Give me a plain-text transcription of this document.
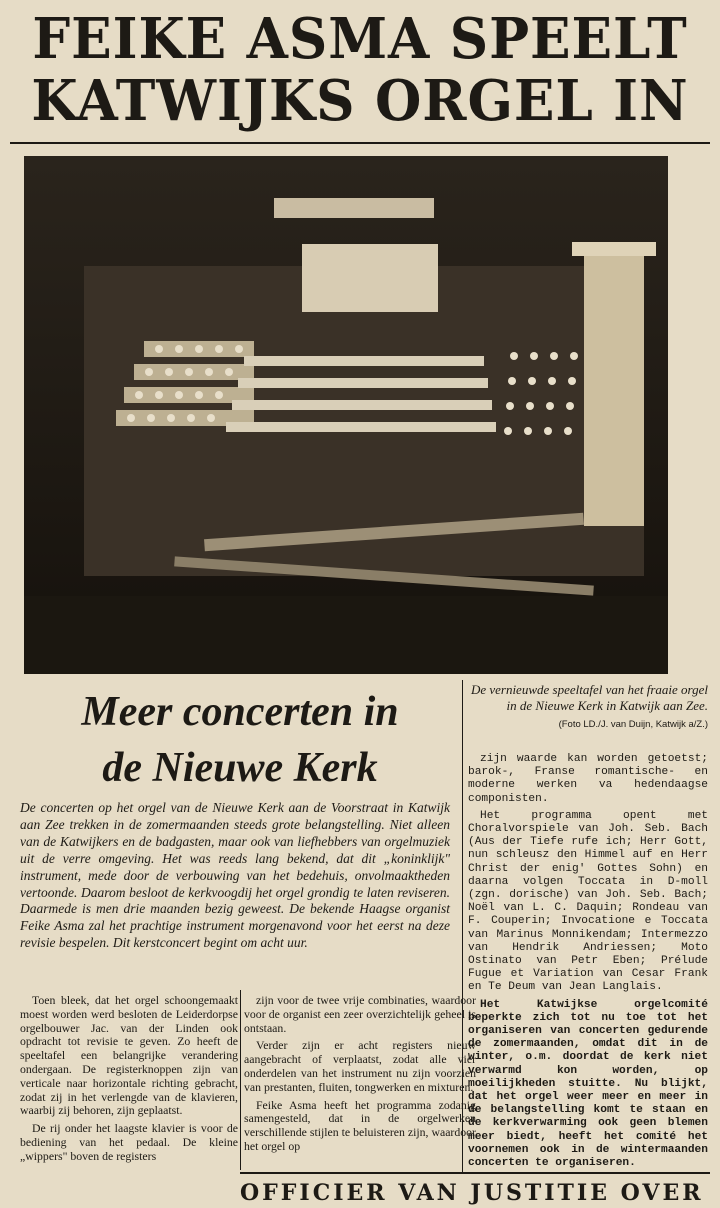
FEIKE ASMA SPEELT
KATWIJKS ORGEL IN
Meer concerten in
de Nieuwe Kerk
De vernieuwde speeltafel van het fraaie orgel in de Nieuwe Kerk in Katwijk aan Zee.
(Foto LD./J. van Duijn, Katwijk a/Z.)

De concerten op het orgel van de Nieuwe Kerk aan de Voorstraat in Katwijk aan Zee trekken in de zomermaanden steeds grote belangstelling. Niet alleen van de Katwijkers en de badgasten, maar ook van liefhebbers van orgelmuziek uit de verre omgeving. Het was reeds lang bekend, dat dit „koninklijk" instrument, mede door de verbouwing van het bedehuis, onvolmaaktheden vertoonde. Daarom besloot de kerkvoogdij het orgel grondig te laten reviseren. Daarmede is men drie maanden bezig geweest. De bekende Haagse organist Feike Asma zal het prachtige instrument morgenavond voor het eerst na deze revisie bespelen. Dit kerstconcert begint om acht uur.

Toen bleek, dat het orgel schoongemaakt moest worden werd besloten de Leiderdorpse orgelbouwer Jac. van der Linden ook opdracht tot revisie te geven. Zo heeft de speeltafel een belangrijke verandering ondergaan. De registerknoppen zijn van verticale naar horizontale richting gebracht, zodat zij in het verlengde van de klavieren, waarbij zij behoren, zijn geplaatst.

De rij onder het laagste klavier is voor de bediening van het pedaal. De kleine „wippers" boven de registers

zijn voor de twee vrije combinaties, waardoor voor de organist een zeer overzichtelijk geheel is ontstaan.

Verder zijn er acht registers nieuw aangebracht of verplaatst, zodat alle vier onderdelen van het instrument nu zijn voorzien van prestanten, fluiten, tongwerken en mixturen.

Feike Asma heeft het programma zodanig samengesteld, dat in de orgelwerken verschillende stijlen te beluisteren zijn, waardoor het orgel op

zijn waarde kan worden getoetst; barok-, Franse romantische- en moderne werken va hedendaagse componisten.

Het programma opent met Choralvorspiele van Joh. Seb. Bach (Aus der Tiefe rufe ich; Herr Gott, nun schleusz den Himmel auf en Herr Christ der enig' Gottes Sohn) en daarna volgen Toccata in D-moll (zgn. dorische) van Joh. Seb. Bach; Noël van L. C. Daquin; Rondeau van F. Couperin; Invocatione e Toccata van Marinus Monnikendam; Intermezzo van Hendrik Andriessen; Moto Ostinato van Petr Eben; Prélude Fugue et Variation van Cesar Frank en Te Deum van Jean Langlais.

Het Katwijkse orgelcomité beperkte zich tot nu toe tot het organiseren van concerten gedurende de zomermaanden, omdat dit in de winter, o.m. doordat de kerk niet verwarmd kon worden, op moeilijkheden stuitte. Nu blijkt, dat het orgel weer meer en meer in de belangstelling komt te staan en de kerkverwarming ook geen blemen meer biedt, heeft het comité het voornemen ook in de wintermaanden concerten te organiseren.

OFFICIER VAN JUSTITIE OVER
